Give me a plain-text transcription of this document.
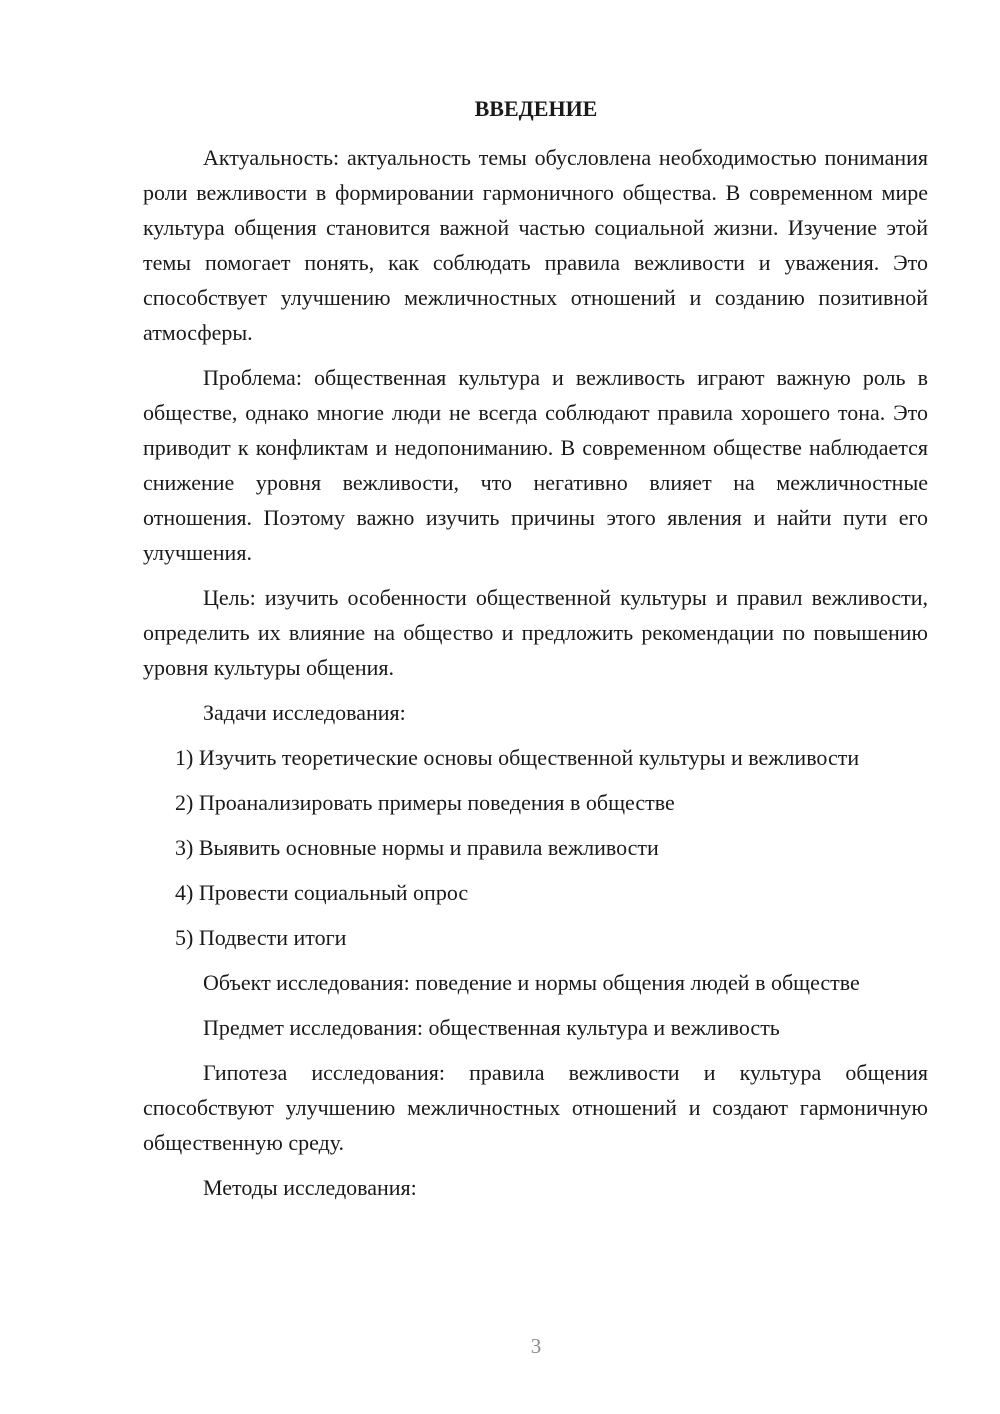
ВВЕДЕНИЕ

Актуальность: актуальность темы обусловлена необходимостью понимания роли вежливости в формировании гармоничного общества. В современном мире культура общения становится важной частью социальной жизни. Изучение этой темы помогает понять, как соблюдать правила вежливости и уважения. Это способствует улучшению межличностных отношений и созданию позитивной атмосферы.

Проблема: общественная культура и вежливость играют важную роль в обществе, однако многие люди не всегда соблюдают правила хорошего тона. Это приводит к конфликтам и недопониманию. В современном обществе наблюдается снижение уровня вежливости, что негативно влияет на межличностные отношения. Поэтому важно изучить причины этого явления и найти пути его улучшения.

Цель: изучить особенности общественной культуры и правил вежливости, определить их влияние на общество и предложить рекомендации по повышению уровня культуры общения.

Задачи исследования:

1) Изучить теоретические основы общественной культуры и вежливости

2) Проанализировать примеры поведения в обществе

3) Выявить основные нормы и правила вежливости

4) Провести социальный опрос

5) Подвести итоги

Объект исследования: поведение и нормы общения людей в обществе

Предмет исследования: общественная культура и вежливость

Гипотеза исследования: правила вежливости и культура общения способствуют улучшению межличностных отношений и создают гармоничную общественную среду.

Методы исследования:

3
